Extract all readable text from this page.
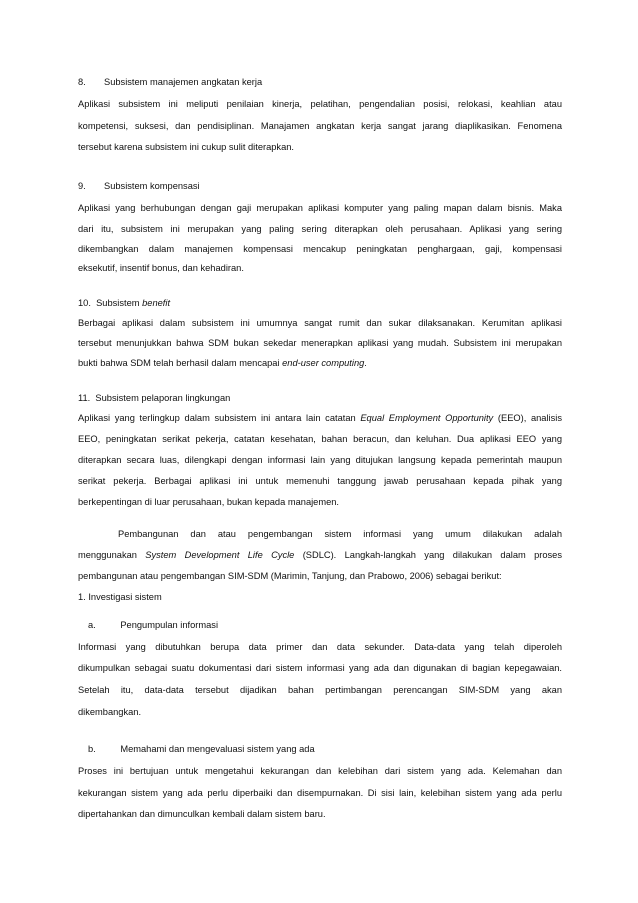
8. Subsistem manajemen angkatan kerja
Aplikasi subsistem ini meliputi penilaian kinerja, pelatihan, pengendalian posisi, relokasi, keahlian atau
kompetensi, suksesi, dan pendisiplinan. Manajamen angkatan kerja sangat jarang diaplikasikan. Fenomena
tersebut karena subsistem ini cukup sulit diterapkan.
9. Subsistem kompensasi
Aplikasi yang berhubungan dengan gaji merupakan aplikasi komputer yang paling mapan dalam bisnis. Maka
dari itu, subsistem ini merupakan yang paling sering diterapkan oleh perusahaan. Aplikasi yang sering
dikembangkan dalam manajemen kompensasi mencakup peningkatan penghargaan, gaji, kompensasi
eksekutif, insentif bonus, dan kehadiran.
10. Subsistem benefit
Berbagai aplikasi dalam subsistem ini umumnya sangat rumit dan sukar dilaksanakan. Kerumitan aplikasi
tersebut menunjukkan bahwa SDM bukan sekedar menerapkan aplikasi yang mudah. Subsistem ini merupakan
bukti bahwa SDM telah berhasil dalam mencapai end-user computing.
11. Subsistem pelaporan lingkungan
Aplikasi yang terlingkup dalam subsistem ini antara lain catatan Equal Employment Opportunity (EEO), analisis
EEO, peningkatan serikat pekerja, catatan kesehatan, bahan beracun, dan keluhan. Dua aplikasi EEO yang
diterapkan secara luas, dilengkapi dengan informasi lain yang ditujukan langsung kepada pemerintah maupun
serikat pekerja. Berbagai aplikasi ini untuk memenuhi tanggung jawab perusahaan kepada pihak yang
berkepentingan di luar perusahaan, bukan kepada manajemen.
Pembangunan dan atau pengembangan sistem informasi yang umum dilakukan adalah
menggunakan System Development Life Cycle (SDLC). Langkah-langkah yang dilakukan dalam proses
pembangunan atau pengembangan SIM-SDM (Marimin, Tanjung, dan Prabowo, 2006) sebagai berikut:
1. Investigasi sistem
a.	Pengumpulan informasi
Informasi yang dibutuhkan berupa data primer dan data sekunder. Data-data yang telah diperoleh
dikumpulkan sebagai suatu dokumentasi dari sistem informasi yang ada dan digunakan di bagian kepegawaian.
Setelah itu, data-data tersebut dijadikan bahan pertimbangan perencangan SIM-SDM yang akan
dikembangkan.
b.	Memahami dan mengevaluasi sistem yang ada
Proses ini bertujuan untuk mengetahui kekurangan dan kelebihan dari sistem yang ada. Kelemahan dan
kekurangan sistem yang ada perlu diperbaiki dan disempurnakan. Di sisi lain, kelebihan sistem yang ada perlu
dipertahankan dan dimunculkan kembali dalam sistem baru.
